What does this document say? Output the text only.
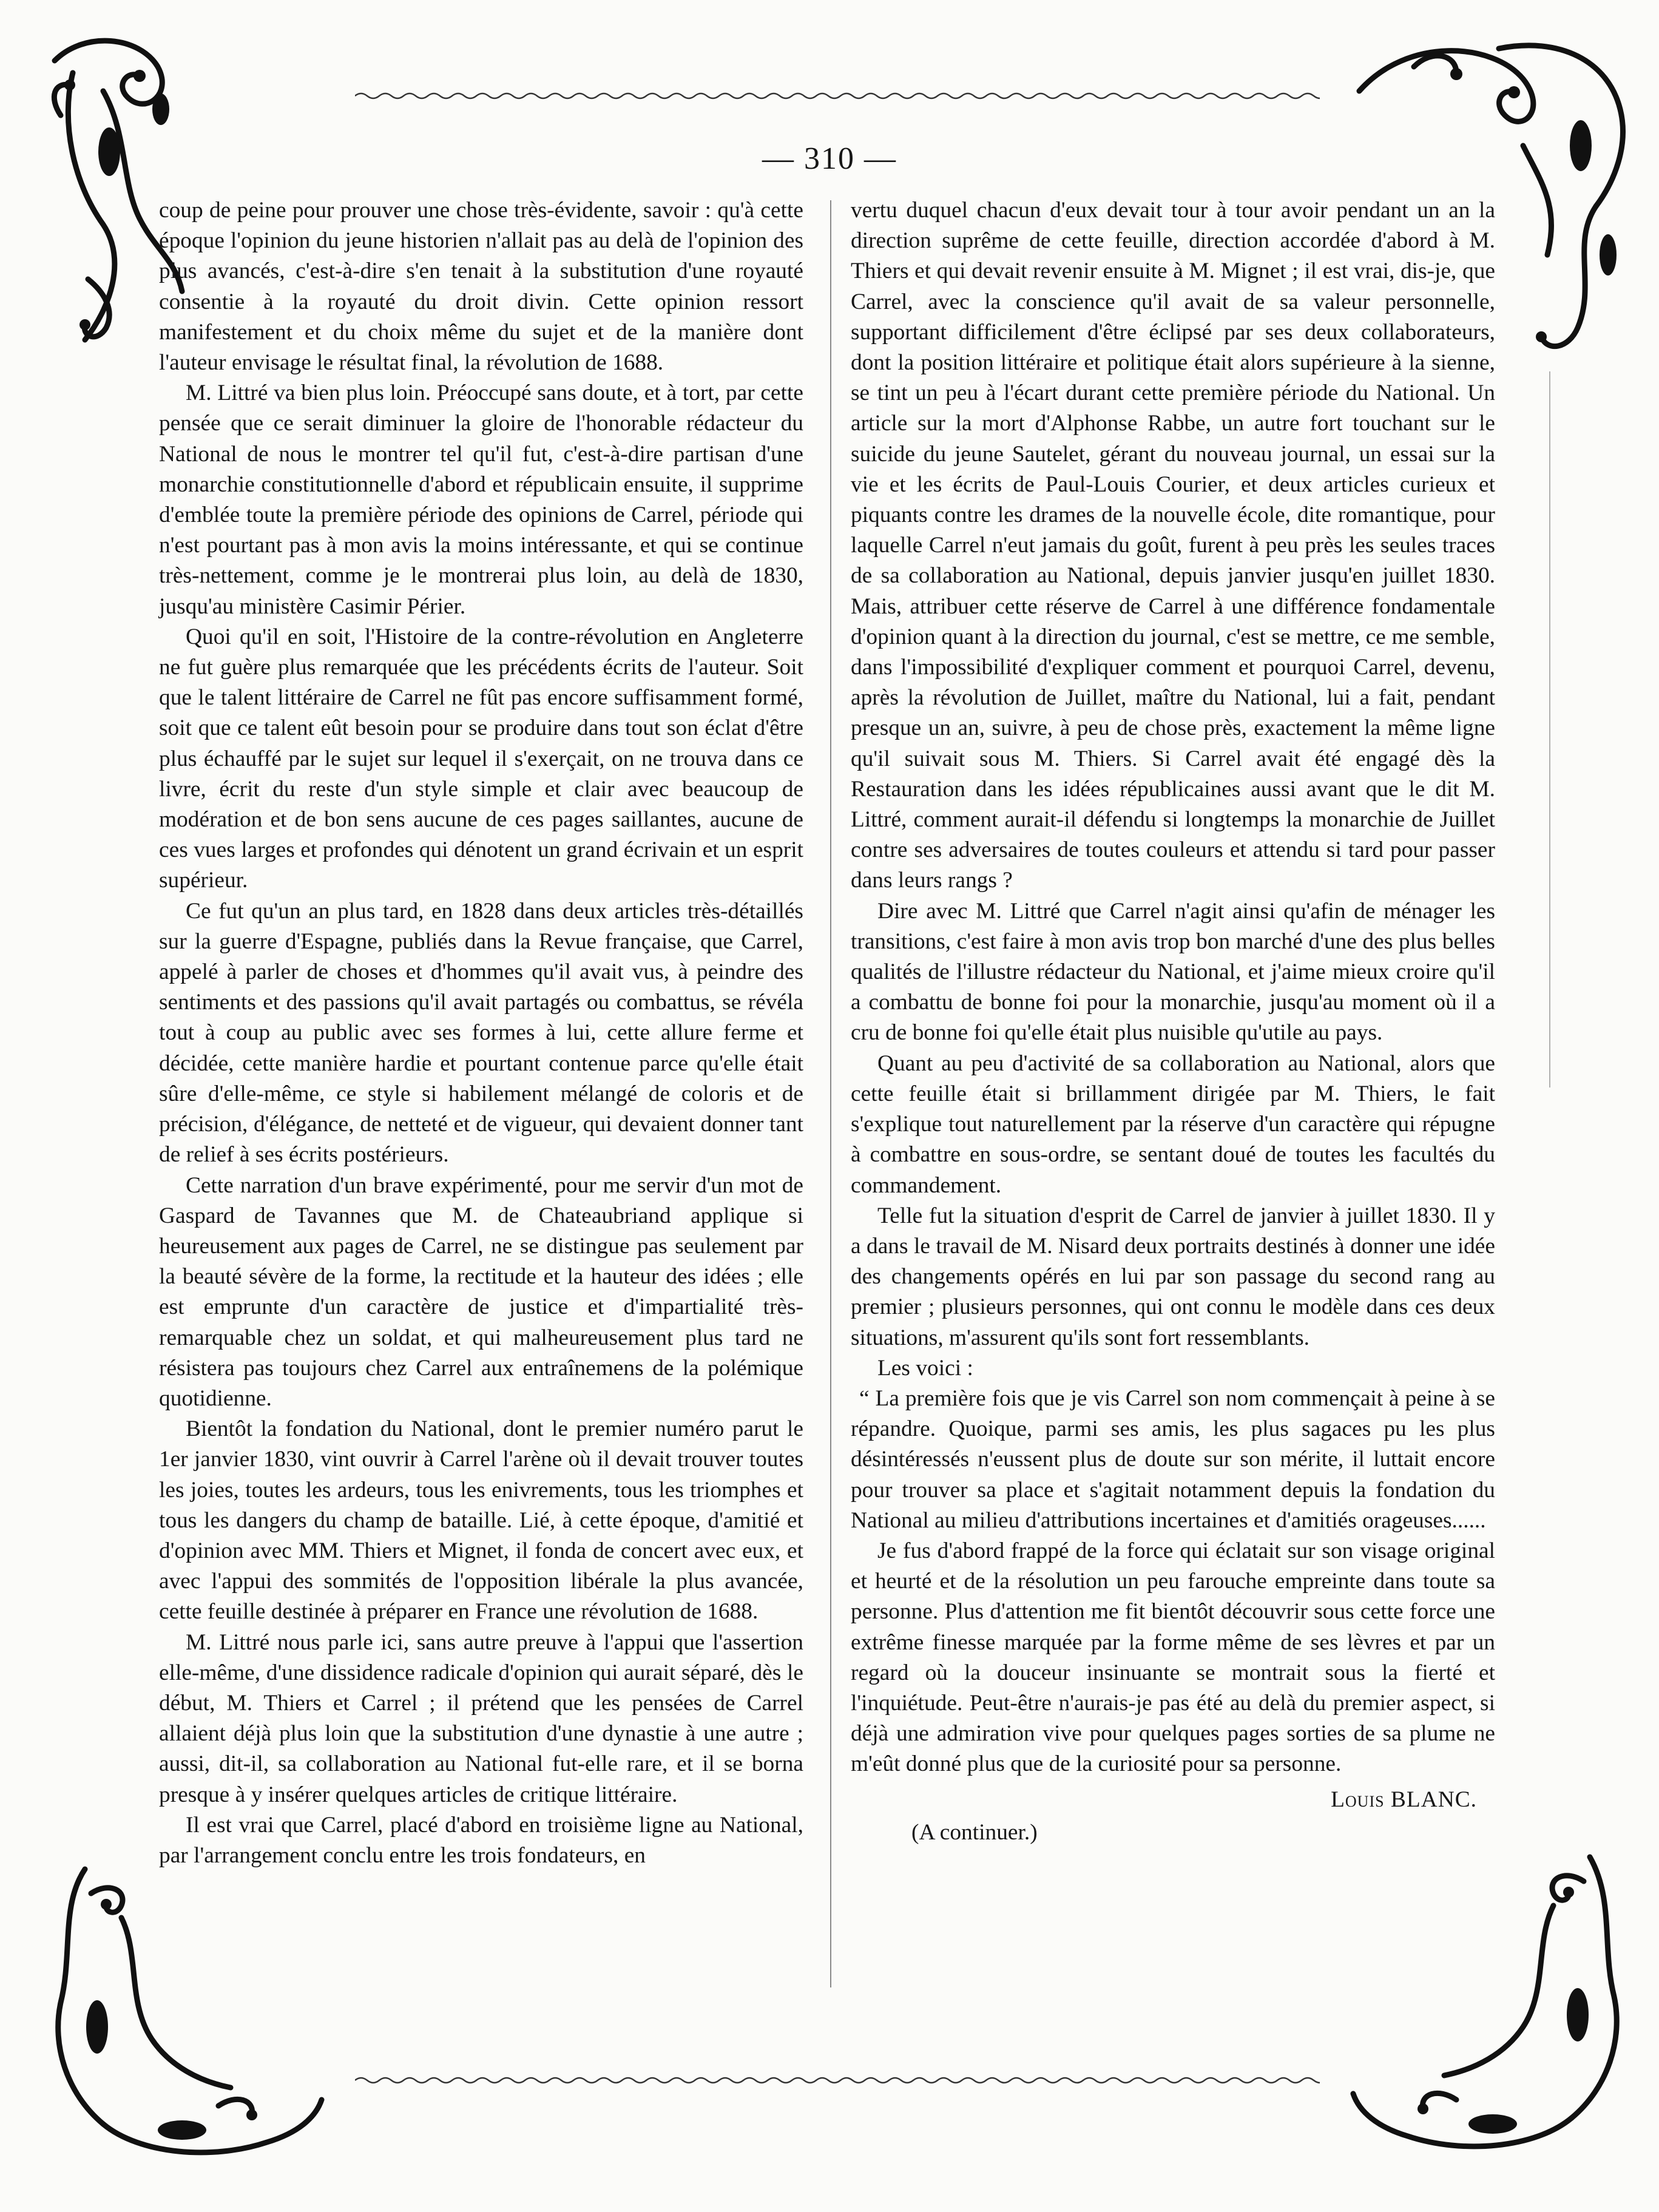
— 310 —

coup de peine pour prouver une chose très-évidente, savoir : qu'à cette époque l'opinion du jeune historien n'allait pas au delà de l'opinion des plus avancés, c'est-à-dire s'en tenait à la substitution d'une royauté consentie à la royauté du droit divin. Cette opinion ressort manifestement et du choix même du sujet et de la manière dont l'auteur envisage le résultat final, la révolution de 1688.

M. Littré va bien plus loin. Préoccupé sans doute, et à tort, par cette pensée que ce serait diminuer la gloire de l'honorable rédacteur du National de nous le montrer tel qu'il fut, c'est-à-dire partisan d'une monarchie constitutionnelle d'abord et républicain ensuite, il supprime d'emblée toute la première période des opinions de Carrel, période qui n'est pourtant pas à mon avis la moins intéressante, et qui se continue très-nettement, comme je le montrerai plus loin, au delà de 1830, jusqu'au ministère Casimir Périer.

Quoi qu'il en soit, l'Histoire de la contre-révolution en Angleterre ne fut guère plus remarquée que les précédents écrits de l'auteur. Soit que le talent littéraire de Carrel ne fût pas encore suffisamment formé, soit que ce talent eût besoin pour se produire dans tout son éclat d'être plus échauffé par le sujet sur lequel il s'exerçait, on ne trouva dans ce livre, écrit du reste d'un style simple et clair avec beaucoup de modération et de bon sens aucune de ces pages saillantes, aucune de ces vues larges et profondes qui dénotent un grand écrivain et un esprit supérieur.

Ce fut qu'un an plus tard, en 1828 dans deux articles très-détaillés sur la guerre d'Espagne, publiés dans la Revue française, que Carrel, appelé à parler de choses et d'hommes qu'il avait vus, à peindre des sentiments et des passions qu'il avait partagés ou combattus, se révéla tout à coup au public avec ses formes à lui, cette allure ferme et décidée, cette manière hardie et pourtant contenue parce qu'elle était sûre d'elle-même, ce style si habilement mélangé de coloris et de précision, d'élégance, de netteté et de vigueur, qui devaient donner tant de relief à ses écrits postérieurs.

Cette narration d'un brave expérimenté, pour me servir d'un mot de Gaspard de Tavannes que M. de Chateaubriand applique si heureusement aux pages de Carrel, ne se distingue pas seulement par la beauté sévère de la forme, la rectitude et la hauteur des idées ; elle est emprunte d'un caractère de justice et d'impartialité très-remarquable chez un soldat, et qui malheureusement plus tard ne résistera pas toujours chez Carrel aux entraînemens de la polémique quotidienne.

Bientôt la fondation du National, dont le premier numéro parut le 1er janvier 1830, vint ouvrir à Carrel l'arène où il devait trouver toutes les joies, toutes les ardeurs, tous les enivrements, tous les triomphes et tous les dangers du champ de bataille. Lié, à cette époque, d'amitié et d'opinion avec MM. Thiers et Mignet, il fonda de concert avec eux, et avec l'appui des sommités de l'opposition libérale la plus avancée, cette feuille destinée à préparer en France une révolution de 1688.

M. Littré nous parle ici, sans autre preuve à l'appui que l'assertion elle-même, d'une dissidence radicale d'opinion qui aurait séparé, dès le début, M. Thiers et Carrel ; il prétend que les pensées de Carrel allaient déjà plus loin que la substitution d'une dynastie à une autre ; aussi, dit-il, sa collaboration au National fut-elle rare, et il se borna presque à y insérer quelques articles de critique littéraire.

Il est vrai que Carrel, placé d'abord en troisième ligne au National, par l'arrangement conclu entre les trois fondateurs, en

vertu duquel chacun d'eux devait tour à tour avoir pendant un an la direction suprême de cette feuille, direction accordée d'abord à M. Thiers et qui devait revenir ensuite à M. Mignet ; il est vrai, dis-je, que Carrel, avec la conscience qu'il avait de sa valeur personnelle, supportant difficilement d'être éclipsé par ses deux collaborateurs, dont la position littéraire et politique était alors supérieure à la sienne, se tint un peu à l'écart durant cette première période du National. Un article sur la mort d'Alphonse Rabbe, un autre fort touchant sur le suicide du jeune Sautelet, gérant du nouveau journal, un essai sur la vie et les écrits de Paul-Louis Courier, et deux articles curieux et piquants contre les drames de la nouvelle école, dite romantique, pour laquelle Carrel n'eut jamais du goût, furent à peu près les seules traces de sa collaboration au National, depuis janvier jusqu'en juillet 1830. Mais, attribuer cette réserve de Carrel à une différence fondamentale d'opinion quant à la direction du journal, c'est se mettre, ce me semble, dans l'impossibilité d'expliquer comment et pourquoi Carrel, devenu, après la révolution de Juillet, maître du National, lui a fait, pendant presque un an, suivre, à peu de chose près, exactement la même ligne qu'il suivait sous M. Thiers. Si Carrel avait été engagé dès la Restauration dans les idées républicaines aussi avant que le dit M. Littré, comment aurait-il défendu si longtemps la monarchie de Juillet contre ses adversaires de toutes couleurs et attendu si tard pour passer dans leurs rangs ?

Dire avec M. Littré que Carrel n'agit ainsi qu'afin de ménager les transitions, c'est faire à mon avis trop bon marché d'une des plus belles qualités de l'illustre rédacteur du National, et j'aime mieux croire qu'il a combattu de bonne foi pour la monarchie, jusqu'au moment où il a cru de bonne foi qu'elle était plus nuisible qu'utile au pays.

Quant au peu d'activité de sa collaboration au National, alors que cette feuille était si brillamment dirigée par M. Thiers, le fait s'explique tout naturellement par la réserve d'un caractère qui répugne à combattre en sous-ordre, se sentant doué de toutes les facultés du commandement.

Telle fut la situation d'esprit de Carrel de janvier à juillet 1830. Il y a dans le travail de M. Nisard deux portraits destinés à donner une idée des changements opérés en lui par son passage du second rang au premier ; plusieurs personnes, qui ont connu le modèle dans ces deux situations, m'assurent qu'ils sont fort ressemblants.

Les voici :

“ La première fois que je vis Carrel son nom commençait à peine à se répandre. Quoique, parmi ses amis, les plus sagaces pu les plus désintéressés n'eussent plus de doute sur son mérite, il luttait encore pour trouver sa place et s'agitait notamment depuis la fondation du National au milieu d'attributions incertaines et d'amitiés orageuses......

Je fus d'abord frappé de la force qui éclatait sur son visage original et heurté et de la résolution un peu farouche empreinte dans toute sa personne. Plus d'attention me fit bientôt découvrir sous cette force une extrême finesse marquée par la forme même de ses lèvres et par un regard où la douceur insinuante se montrait sous la fierté et l'inquiétude. Peut-être n'aurais-je pas été au delà du premier aspect, si déjà une admiration vive pour quelques pages sorties de sa plume ne m'eût donné plus que de la curiosité pour sa personne.

Louis BLANC.
(A continuer.)
